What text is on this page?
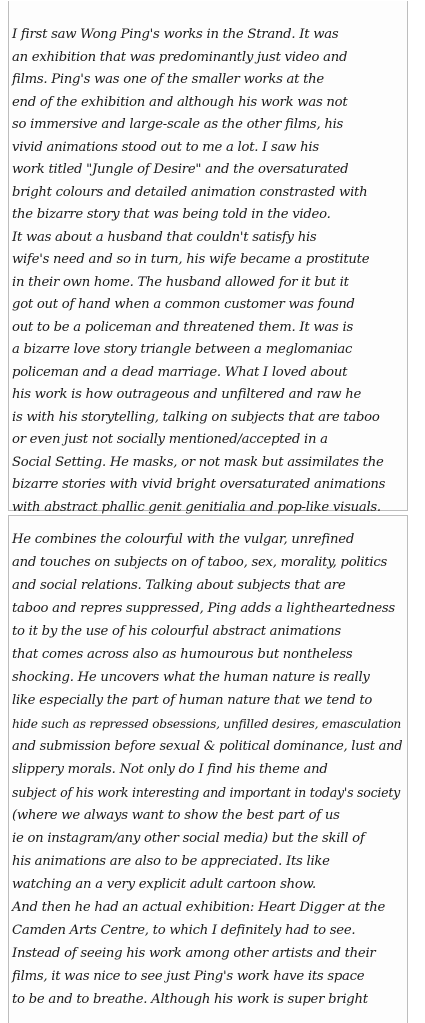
I first saw Wong Ping's works in the Strand. It was
an exhibition that was predominantly just video and
films. Ping's was one of the smaller works at the
end of the exhibition and although his work was not
so immersive and large-scale as the other films, his
vivid animations stood out to me a lot. I saw his
work titled "Jungle of Desire" and the oversaturated
bright colours and detailed animation constrasted with
the bizarre story that was being told in the video.
It was about a husband that couldn't satisfy his
wife's need and so in turn, his wife became a prostitute
in their own home. The husband allowed for it but it
got out of hand when a common customer was found
out to be a policeman and threatened them. It was is
a bizarre love story triangle between a meglomaniac
policeman and a dead marriage. What I loved about
his work is how outrageous and unfiltered and raw he
is with his storytelling, talking on subjects that are taboo
or even just not socially mentioned/accepted in a
Social Setting. He masks, or not mask but assimilates the
bizarre stories with vivid bright oversaturated animations
with abstract phallic genit genitialia and pop-like visuals.
He combines the colourful with the vulgar, unrefined
and touches on subjects on of taboo, sex, morality, politics
and social relations. Talking about subjects that are
taboo and repres suppressed, Ping adds a lightheartedness
to it by the use of his colourful abstract animations
that comes across also as humourous but nontheless
shocking. He uncovers what the human nature is really
like especially the part of human nature that we tend to
hide such as repressed obsessions, unfilled desires, emasculation
and submission before sexual & political dominance, lust and
slippery morals. Not only do I find his theme and
subject of his work interesting and important in today's society
(where we always want to show the best part of us
ie on instagram/any other social media) but the skill of
his animations are also to be appreciated. Its like
watching an a very explicit adult cartoon show.
And then he had an actual exhibition: Heart Digger at the
Camden Arts Centre, to which I definitely had to see.
Instead of seeing his work among other artists and their
films, it was nice to see just Ping's work have its space
to be and to breathe. Although his work is super bright
